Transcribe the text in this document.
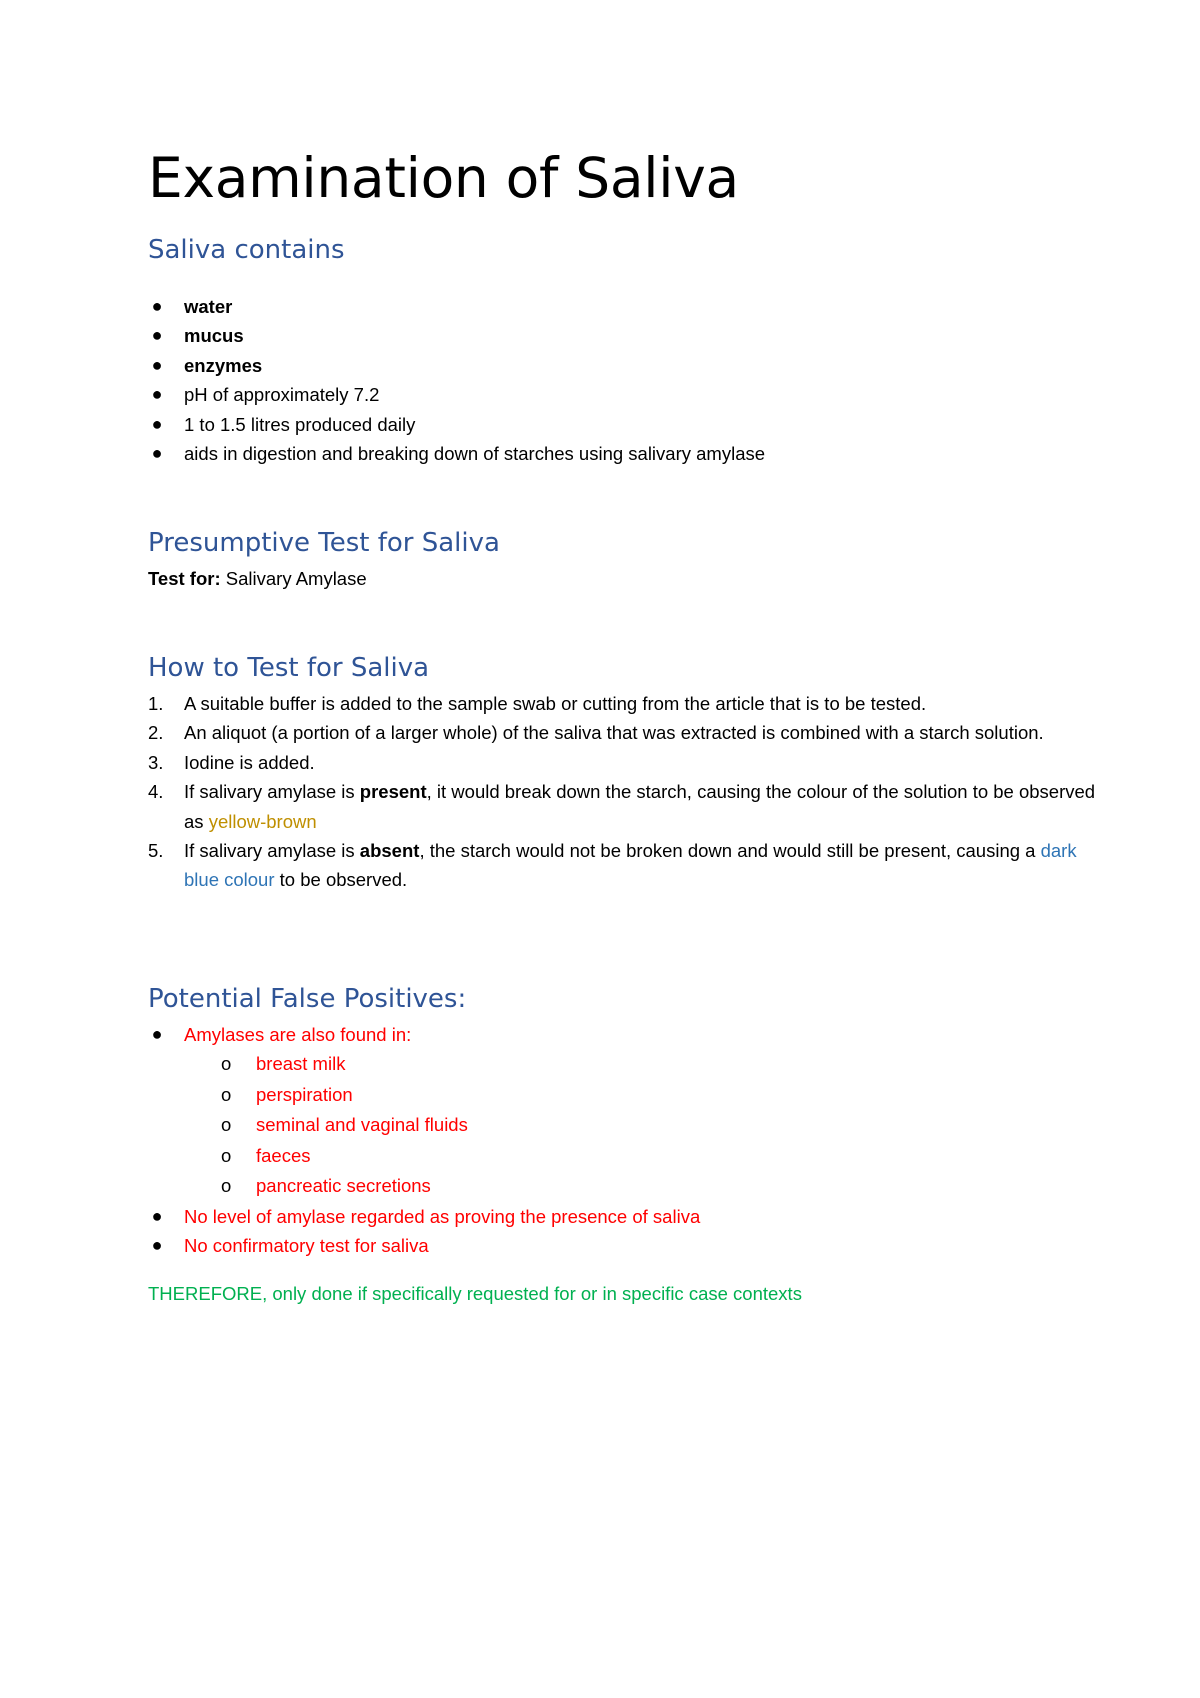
Examination of Saliva
Saliva contains
● water
● mucus
● enzymes
● pH of approximately 7.2
● 1 to 1.5 litres produced daily
● aids in digestion and breaking down of starches using salivary amylase
Presumptive Test for Saliva
Test for: Salivary Amylase
How to Test for Saliva
1. A suitable buffer is added to the sample swab or cutting from the article that is to be tested.
2. An aliquot (a portion of a larger whole) of the saliva that was extracted is combined with a starch solution.
3. Iodine is added.
4. If salivary amylase is present, it would break down the starch, causing the colour of the solution to be observed as yellow-brown
5. If salivary amylase is absent, the starch would not be broken down and would still be present, causing a dark blue colour to be observed.
Potential False Positives:
● Amylases are also found in:
o breast milk
o perspiration
o seminal and vaginal fluids
o faeces
o pancreatic secretions
● No level of amylase regarded as proving the presence of saliva
● No confirmatory test for saliva
THEREFORE, only done if specifically requested for or in specific case contexts
